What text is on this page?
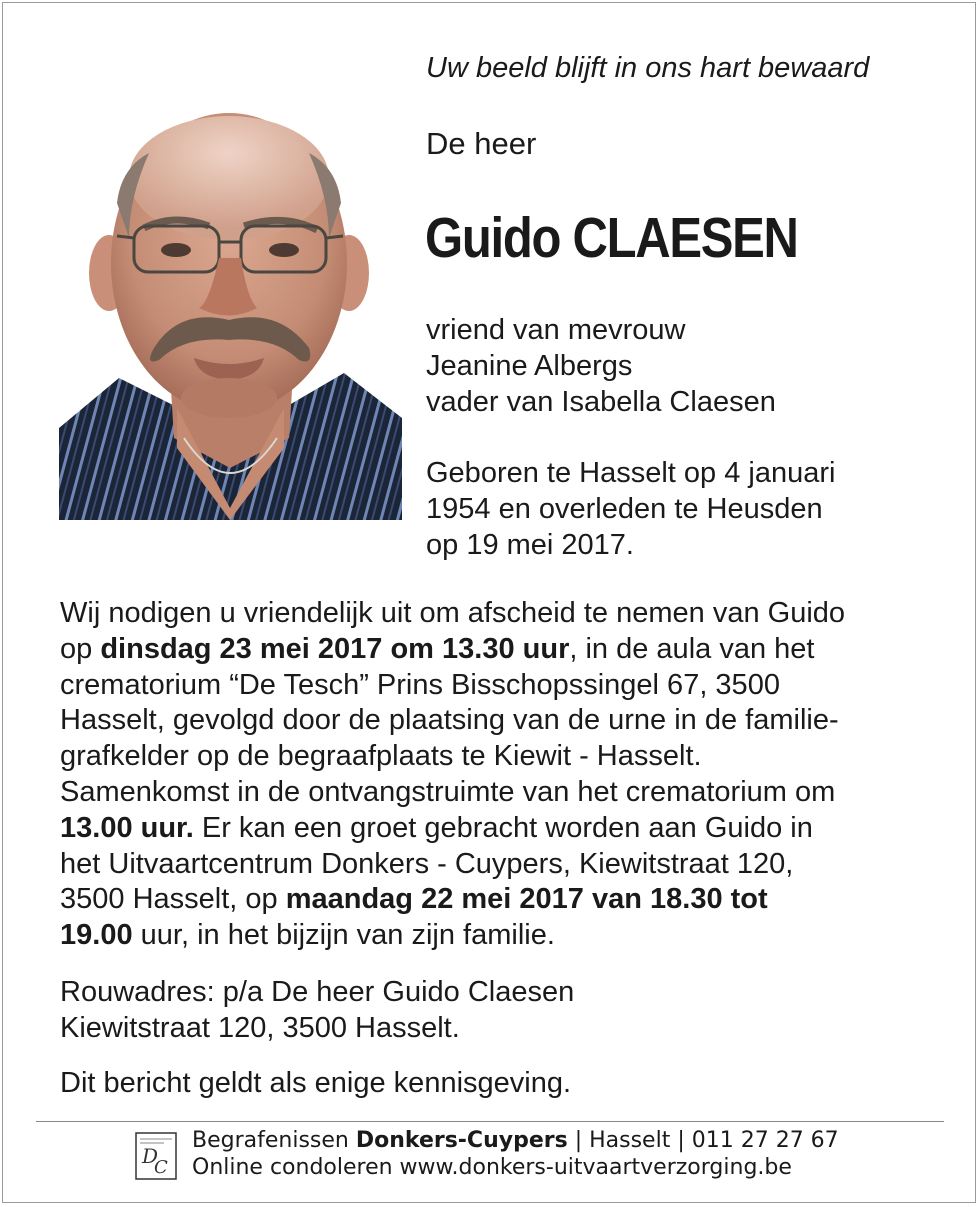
Uw beeld blijft in ons hart bewaard
De heer
Guido CLAESEN
vriend van mevrouw
Jeanine Albergs
vader van Isabella Claesen
Geboren te Hasselt op 4 januari
1954 en overleden te Heusden
op 19 mei 2017.
Wij nodigen u vriendelijk uit om afscheid te nemen van Guido
op dinsdag 23 mei 2017 om 13.30 uur, in de aula van het
crematorium “De Tesch” Prins Bisschopssingel 67, 3500
Hasselt, gevolgd door de plaatsing van de urne in de familie-
grafkelder op de begraafplaats te Kiewit - Hasselt.
Samenkomst in de ontvangstruimte van het crematorium om
13.00 uur. Er kan een groet gebracht worden aan Guido in
het Uitvaartcentrum Donkers - Cuypers, Kiewitstraat 120,
3500 Hasselt, op maandag 22 mei 2017 van 18.30 tot
19.00 uur, in het bijzijn van zijn familie.
Rouwadres: p/a De heer Guido Claesen
Kiewitstraat 120, 3500 Hasselt.
Dit bericht geldt als enige kennisgeving.
D
C
Begrafenissen Donkers-Cuypers | Hasselt | 011 27 27 67
Online condoleren www.donkers-uitvaartverzorging.be
